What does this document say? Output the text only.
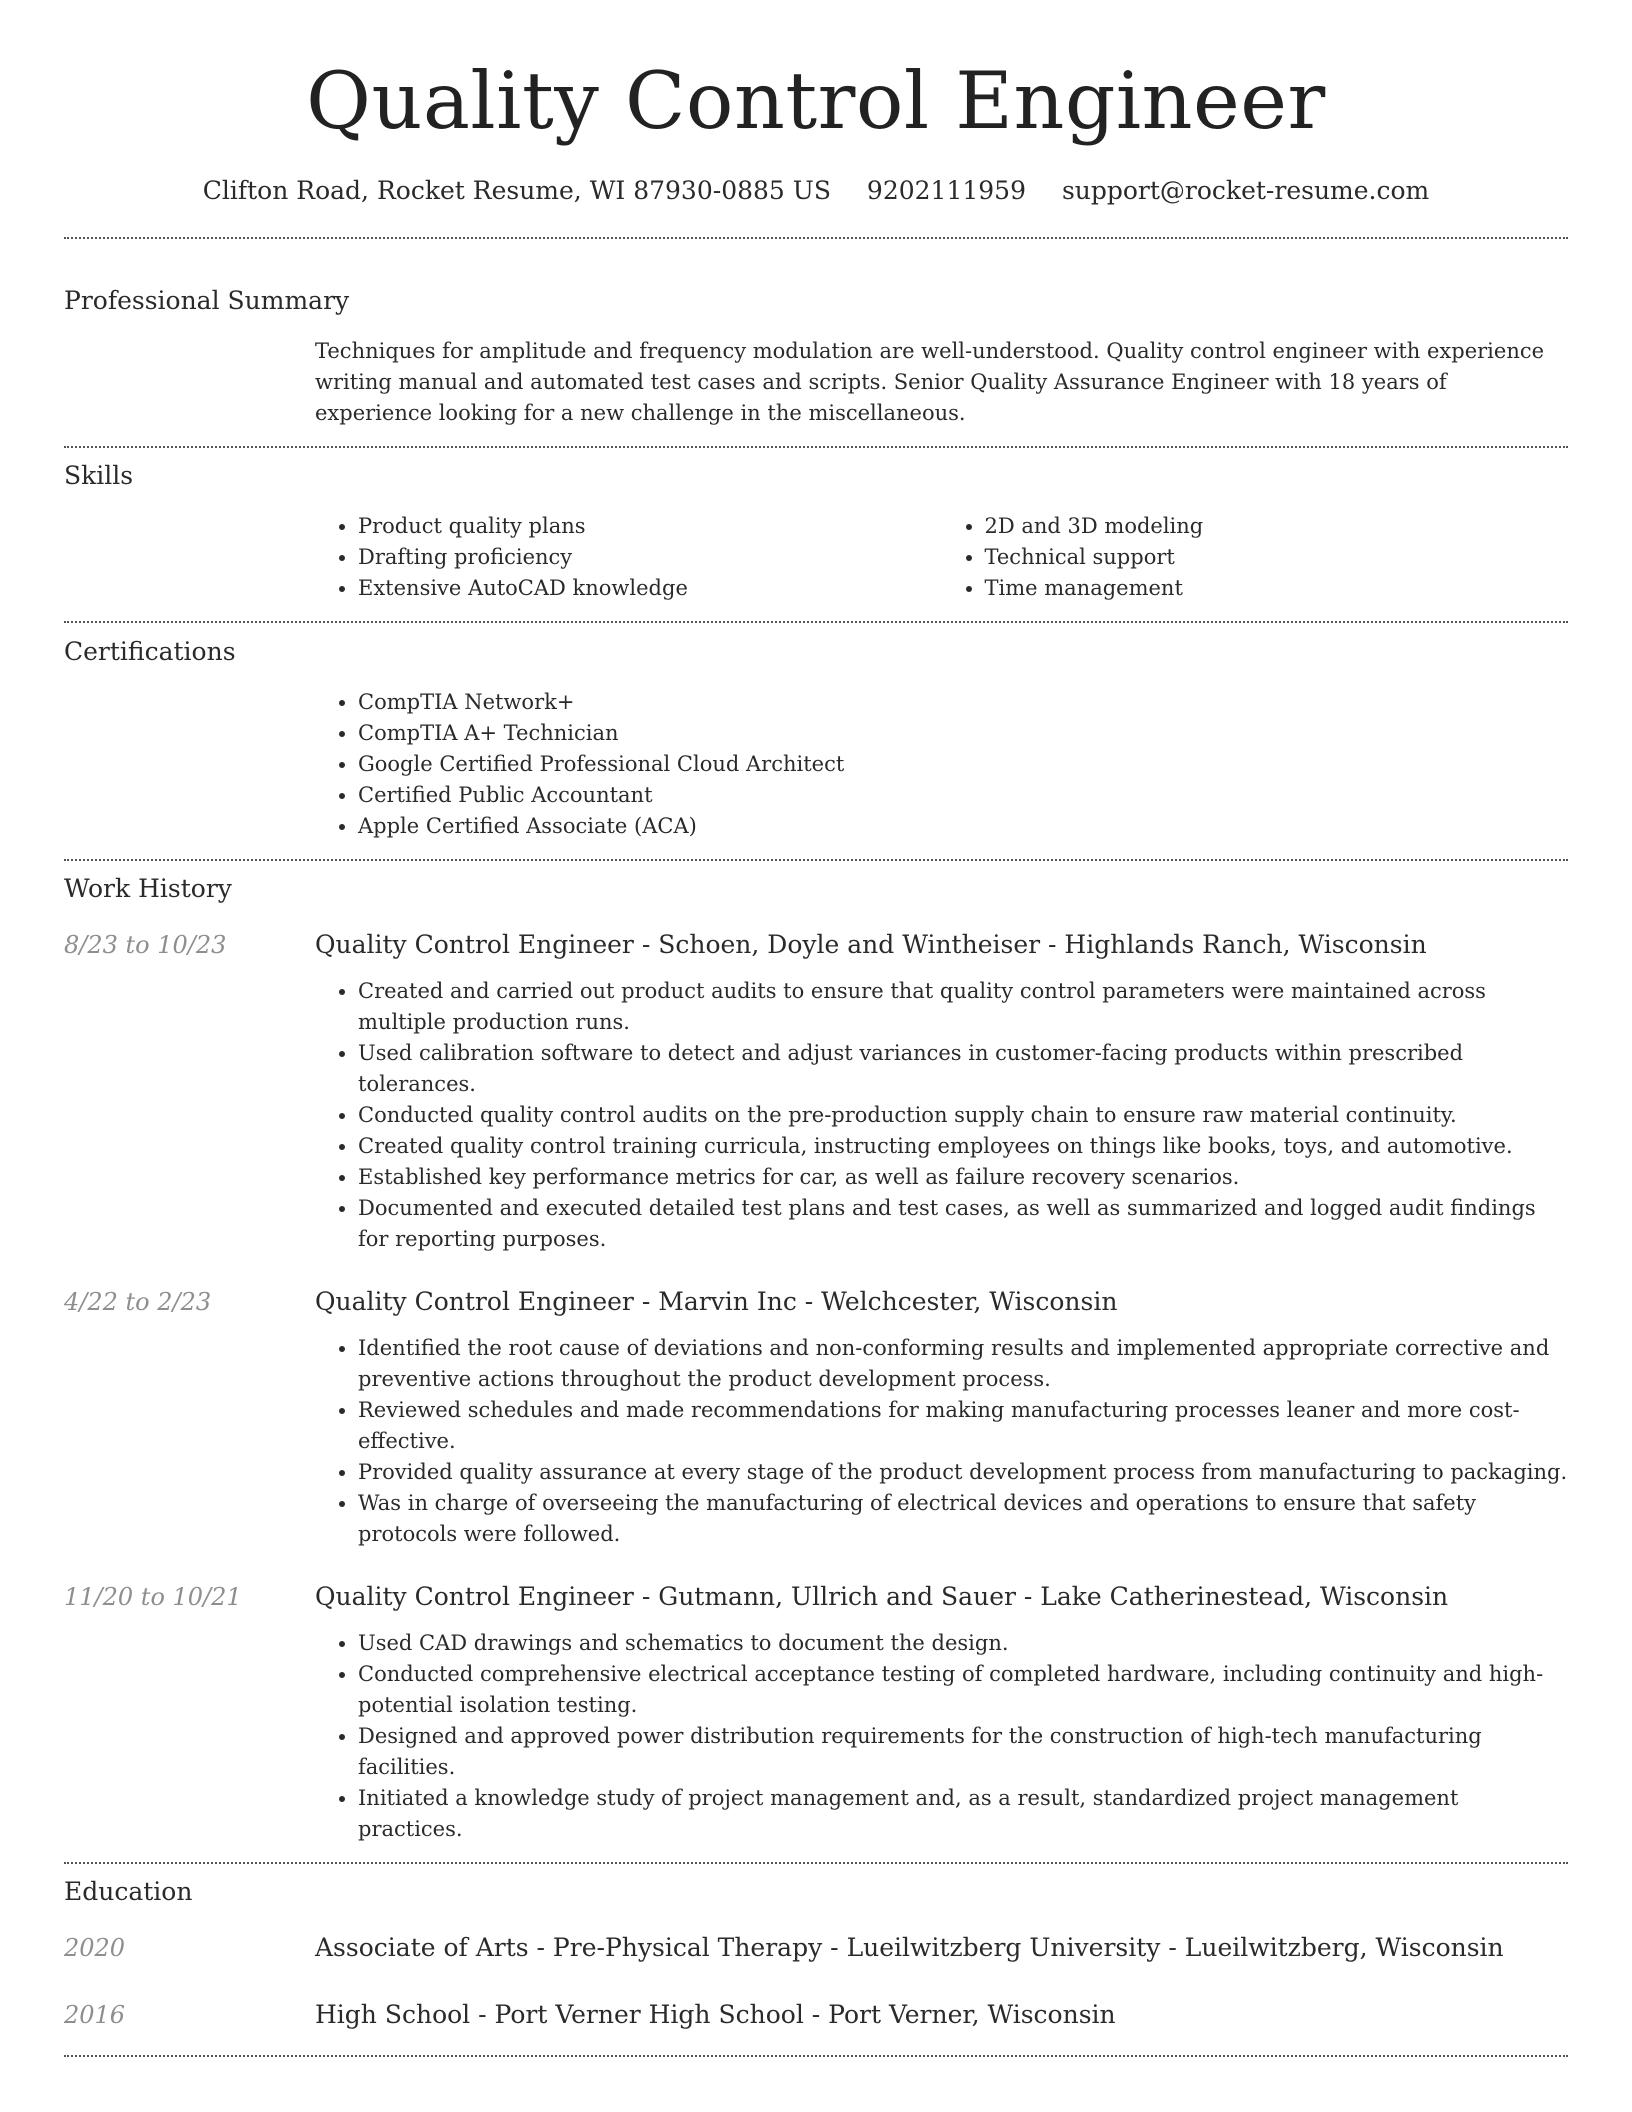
Quality Control Engineer
Clifton Road, Rocket Resume, WI 87930-0885 US 9202111959 support@rocket-resume.com
Professional Summary
Techniques for amplitude and frequency modulation are well-understood. Quality control engineer with experience writing manual and automated test cases and scripts. Senior Quality Assurance Engineer with 18 years of experience looking for a new challenge in the miscellaneous.
Skills
• Product quality plans
• Drafting proficiency
• Extensive AutoCAD knowledge
• 2D and 3D modeling
• Technical support
• Time management
Certifications
• CompTIA Network+
• CompTIA A+ Technician
• Google Certified Professional Cloud Architect
• Certified Public Accountant
• Apple Certified Associate (ACA)
Work History
8/23 to 10/23	Quality Control Engineer - Schoen, Doyle and Wintheiser - Highlands Ranch, Wisconsin
• Created and carried out product audits to ensure that quality control parameters were maintained across multiple production runs.
• Used calibration software to detect and adjust variances in customer-facing products within prescribed tolerances.
• Conducted quality control audits on the pre-production supply chain to ensure raw material continuity.
• Created quality control training curricula, instructing employees on things like books, toys, and automotive.
• Established key performance metrics for car, as well as failure recovery scenarios.
• Documented and executed detailed test plans and test cases, as well as summarized and logged audit findings for reporting purposes.
4/22 to 2/23	Quality Control Engineer - Marvin Inc - Welchcester, Wisconsin
• Identified the root cause of deviations and non-conforming results and implemented appropriate corrective and preventive actions throughout the product development process.
• Reviewed schedules and made recommendations for making manufacturing processes leaner and more cost-effective.
• Provided quality assurance at every stage of the product development process from manufacturing to packaging.
• Was in charge of overseeing the manufacturing of electrical devices and operations to ensure that safety protocols were followed.
11/20 to 10/21	Quality Control Engineer - Gutmann, Ullrich and Sauer - Lake Catherinestead, Wisconsin
• Used CAD drawings and schematics to document the design.
• Conducted comprehensive electrical acceptance testing of completed hardware, including continuity and high-potential isolation testing.
• Designed and approved power distribution requirements for the construction of high-tech manufacturing facilities.
• Initiated a knowledge study of project management and, as a result, standardized project management practices.
Education
2020	Associate of Arts - Pre-Physical Therapy - Lueilwitzberg University - Lueilwitzberg, Wisconsin
2016	High School - Port Verner High School - Port Verner, Wisconsin
